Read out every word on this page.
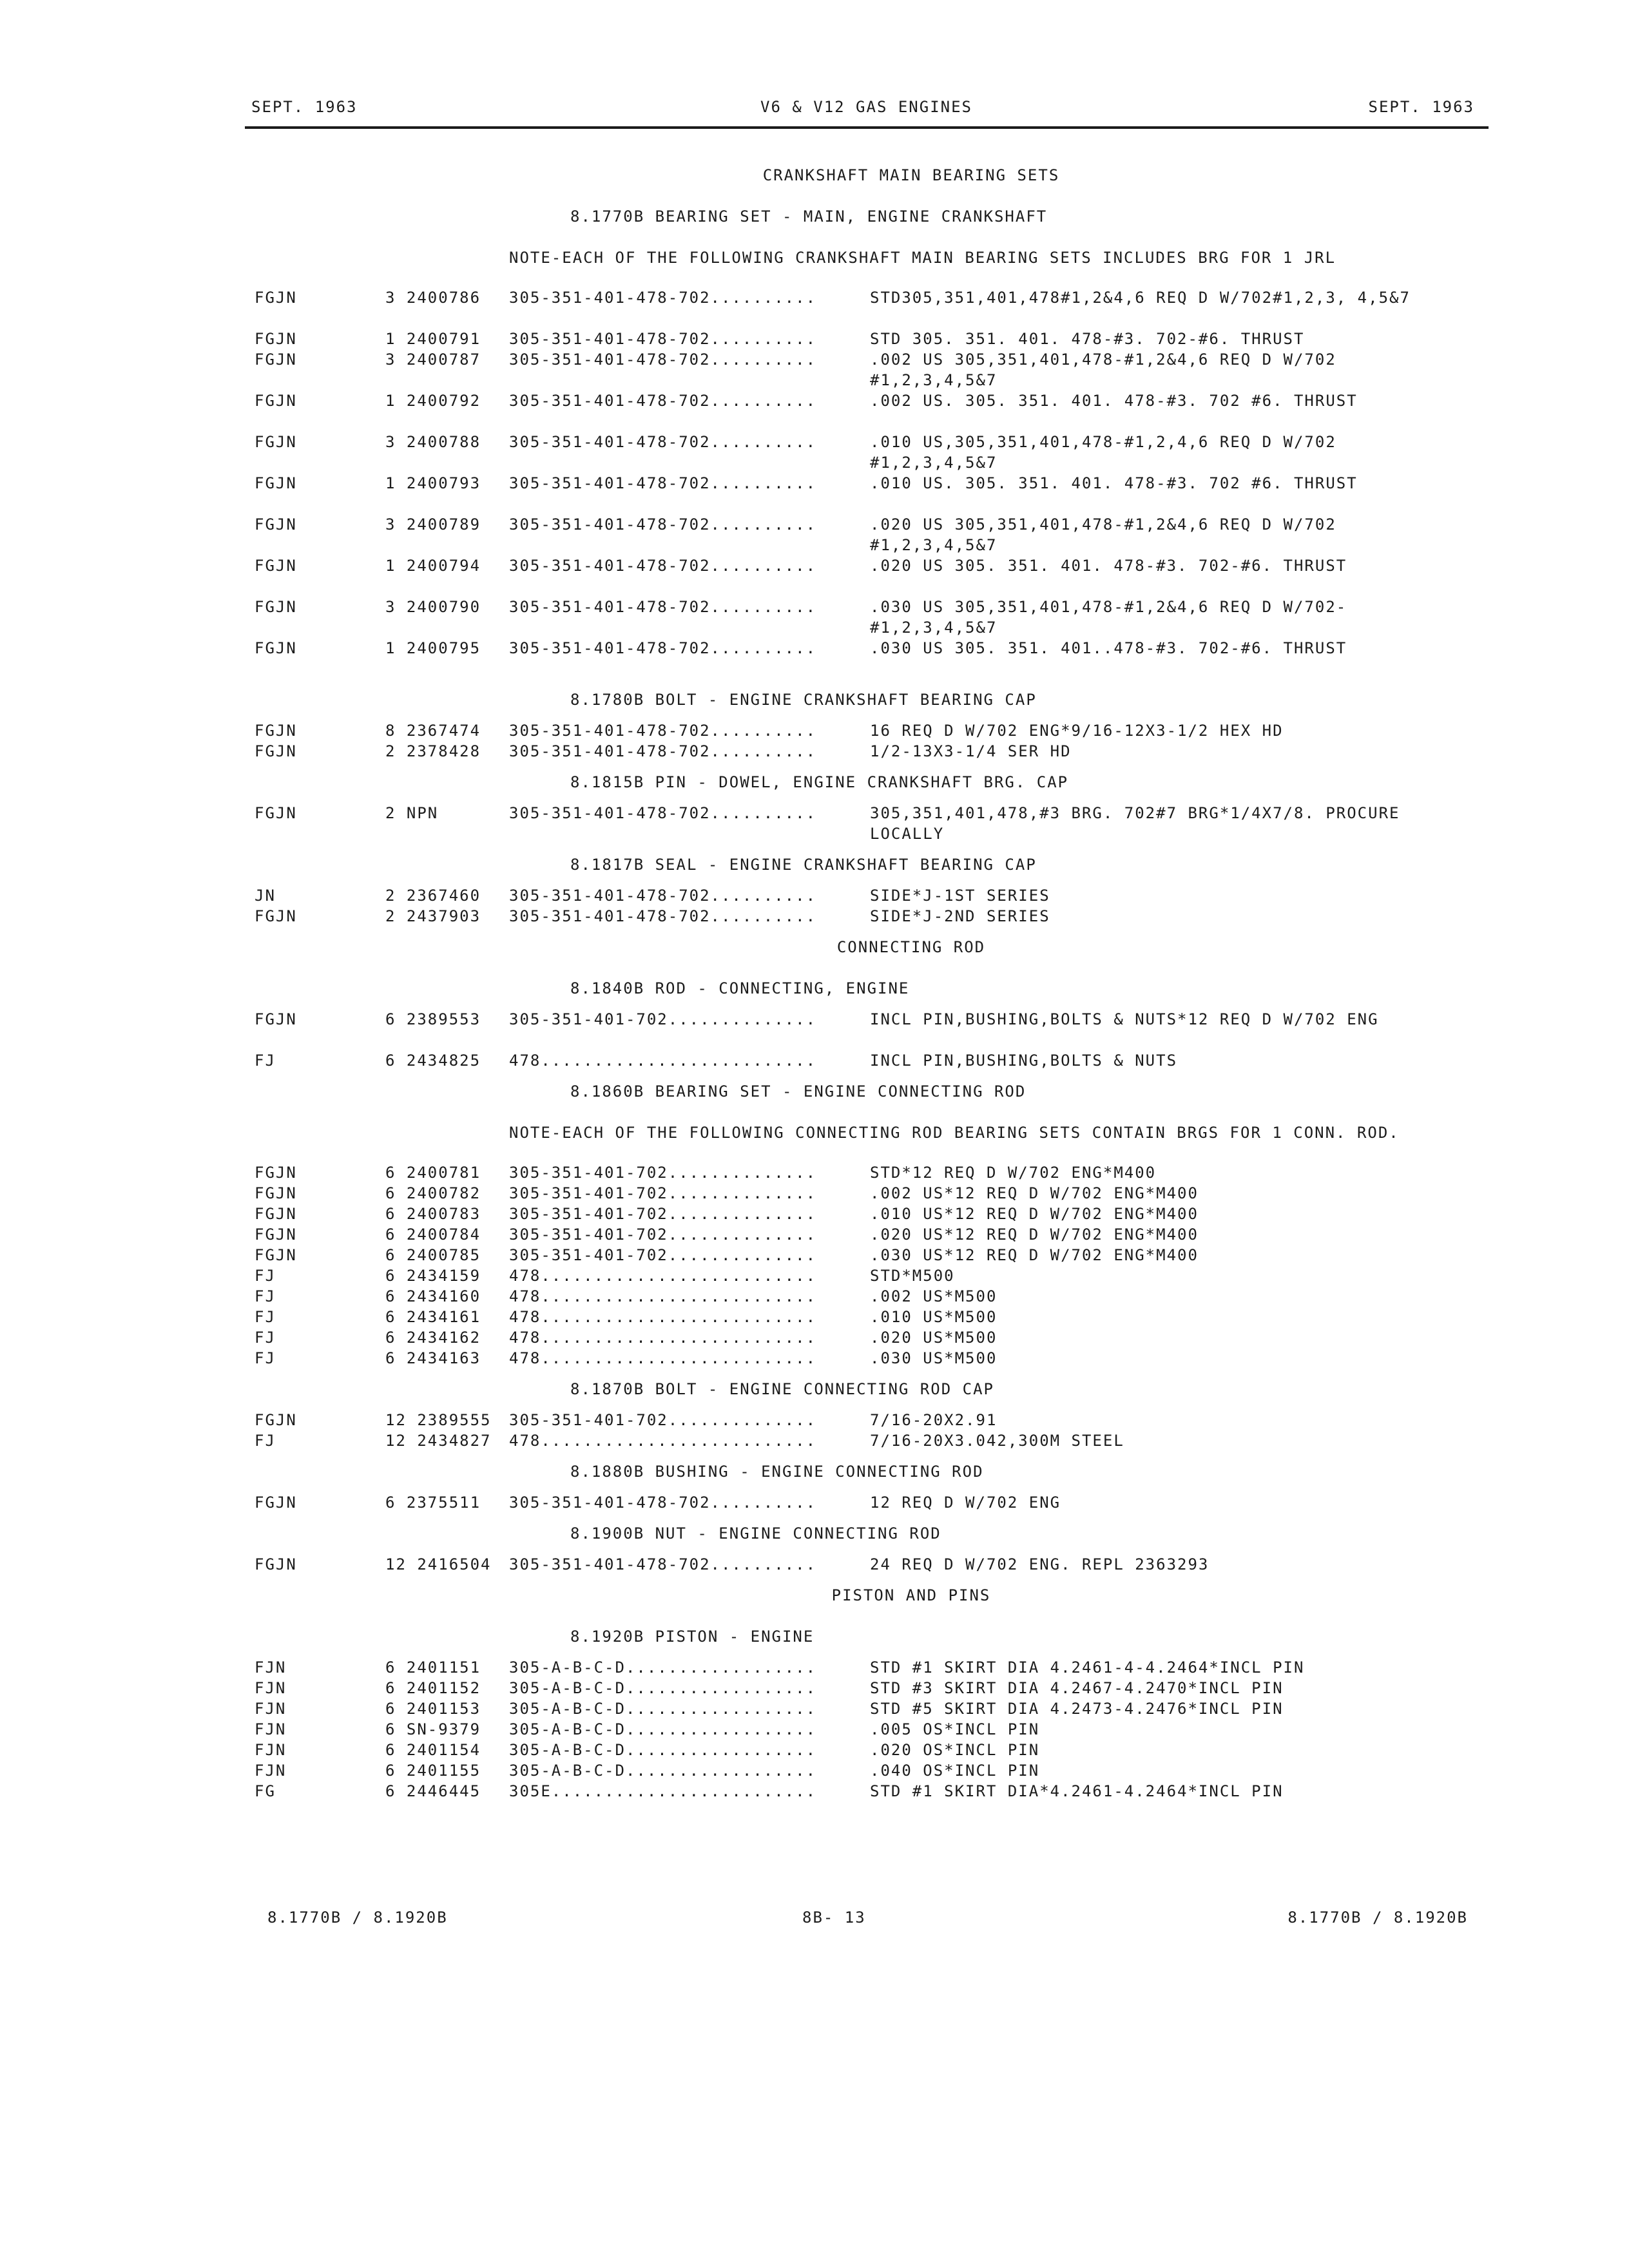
SEPT. 1963	V6 & V12 GAS ENGINES	SEPT. 1963
CRANKSHAFT MAIN BEARING SETS
8.1770B BEARING SET - MAIN, ENGINE CRANKSHAFT
NOTE-EACH OF THE FOLLOWING CRANKSHAFT MAIN BEARING SETS INCLUDES BRG FOR 1 JRL
FGJN	3 2400786 305-351-401-478-702..........	STD305,351,401,478#1,2&4,6 REQ D W/702#1,2,3, 4,5&7
FGJN	1 2400791 305-351-401-478-702..........	STD 305. 351. 401. 478-#3. 702-#6. THRUST
FGJN	3 2400787 305-351-401-478-702..........	.002 US 305,351,401,478-#1,2&4,6 REQ D W/702 #1,2,3,4,5&7
FGJN	1 2400792 305-351-401-478-702..........	.002 US. 305. 351. 401. 478-#3. 702 #6. THRUST
FGJN	3 2400788 305-351-401-478-702..........	.010 US,305,351,401,478-#1,2,4,6 REQ D W/702 #1,2,3,4,5&7
FGJN	1 2400793 305-351-401-478-702..........	.010 US. 305. 351. 401. 478-#3. 702 #6. THRUST
FGJN	3 2400789 305-351-401-478-702..........	.020 US 305,351,401,478-#1,2&4,6 REQ D W/702 #1,2,3,4,5&7
FGJN	1 2400794 305-351-401-478-702..........	.020 US 305. 351. 401. 478-#3. 702-#6. THRUST
FGJN	3 2400790 305-351-401-478-702..........	.030 US 305,351,401,478-#1,2&4,6 REQ D W/702- #1,2,3,4,5&7
FGJN	1 2400795 305-351-401-478-702..........	.030 US 305. 351. 401..478-#3. 702-#6. THRUST
8.1780B BOLT - ENGINE CRANKSHAFT BEARING CAP
FGJN	8 2367474 305-351-401-478-702..........	16 REQ D W/702 ENG*9/16-12X3-1/2 HEX HD
FGJN	2 2378428 305-351-401-478-702..........	1/2-13X3-1/4 SER HD
8.1815B PIN - DOWEL, ENGINE CRANKSHAFT BRG. CAP
FGJN	2 NPN	305-351-401-478-702..........	305,351,401,478,#3 BRG. 702#7 BRG*1/4X7/8. PROCURE LOCALLY
8.1817B SEAL - ENGINE CRANKSHAFT BEARING CAP
JN	2 2367460 305-351-401-478-702..........	SIDE*J-1ST SERIES
FGJN	2 2437903 305-351-401-478-702..........	SIDE*J-2ND SERIES
CONNECTING ROD
8.1840B ROD - CONNECTING, ENGINE
FGJN	6 2389553 305-351-401-702..............	INCL PIN,BUSHING,BOLTS & NUTS*12 REQ D W/702 ENG
FJ	6 2434825 478..........................	INCL PIN,BUSHING,BOLTS & NUTS
8.1860B BEARING SET - ENGINE CONNECTING ROD
NOTE-EACH OF THE FOLLOWING CONNECTING ROD BEARING SETS CONTAIN BRGS FOR 1 CONN. ROD.
FGJN	6 2400781 305-351-401-702..............	STD*12 REQ D W/702 ENG*M400
FGJN	6 2400782 305-351-401-702..............	.002 US*12 REQ D W/702 ENG*M400
FGJN	6 2400783 305-351-401-702..............	.010 US*12 REQ D W/702 ENG*M400
FGJN	6 2400784 305-351-401-702..............	.020 US*12 REQ D W/702 ENG*M400
FGJN	6 2400785 305-351-401-702..............	.030 US*12 REQ D W/702 ENG*M400
FJ	6 2434159 478..........................	STD*M500
FJ	6 2434160 478..........................	.002 US*M500
FJ	6 2434161 478..........................	.010 US*M500
FJ	6 2434162 478..........................	.020 US*M500
FJ	6 2434163 478..........................	.030 US*M500
8.1870B BOLT - ENGINE CONNECTING ROD CAP
FGJN	12 2389555 305-351-401-702..............	7/16-20X2.91
FJ	12 2434827 478..........................	7/16-20X3.042,300M STEEL
8.1880B BUSHING - ENGINE CONNECTING ROD
FGJN	6 2375511 305-351-401-478-702..........	12 REQ D W/702 ENG
8.1900B NUT - ENGINE CONNECTING ROD
FGJN	12 2416504 305-351-401-478-702..........	24 REQ D W/702 ENG. REPL 2363293
PISTON AND PINS
8.1920B PISTON - ENGINE
FJN	6 2401151 305-A-B-C-D..................	STD #1 SKIRT DIA 4.2461-4-4.2464*INCL PIN
FJN	6 2401152 305-A-B-C-D..................	STD #3 SKIRT DIA 4.2467-4.2470*INCL PIN
FJN	6 2401153 305-A-B-C-D..................	STD #5 SKIRT DIA 4.2473-4.2476*INCL PIN
FJN	6 SN-9379 305-A-B-C-D..................	.005 OS*INCL PIN
FJN	6 2401154 305-A-B-C-D..................	.020 OS*INCL PIN
FJN	6 2401155 305-A-B-C-D..................	.040 OS*INCL PIN
FG	6 2446445 305E.........................	STD #1 SKIRT DIA*4.2461-4.2464*INCL PIN
8.1770B / 8.1920B	8B- 13	8.1770B / 8.1920B
